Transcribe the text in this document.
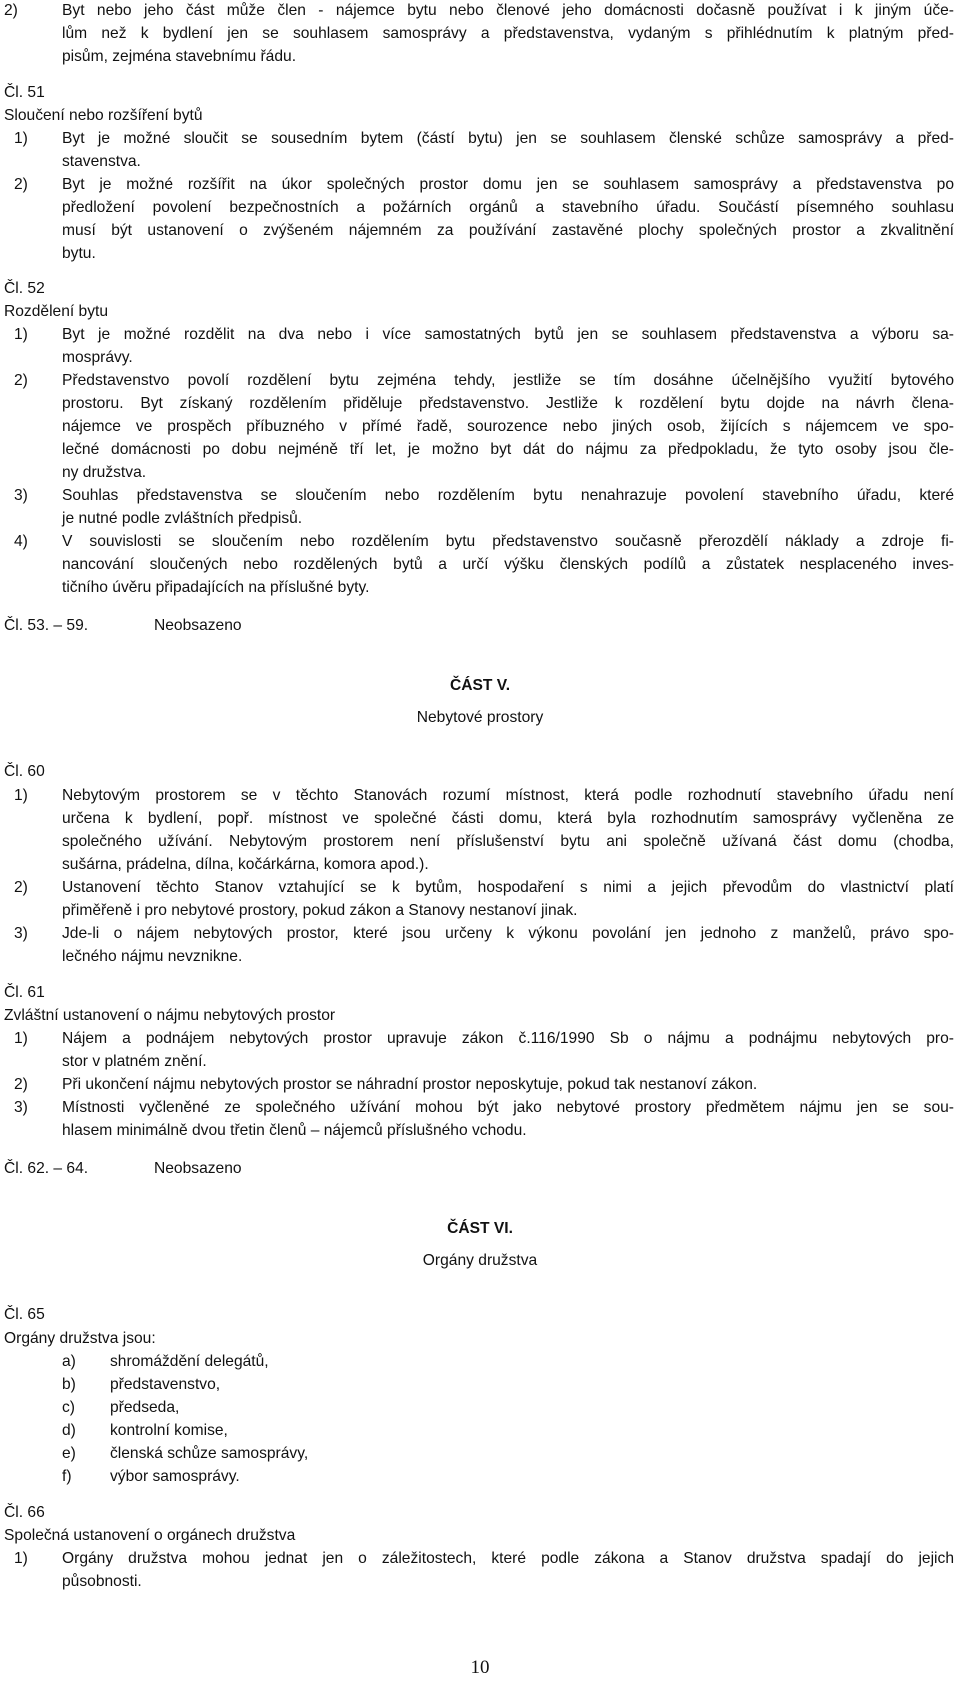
2)	Byt nebo jeho část může člen - nájemce bytu nebo členové jeho domácnosti dočasně používat i k jiným úče-
lům než k bydlení jen se souhlasem samosprávy a představenstva, vydaným s přihlédnutím k platným před-
pisům, zejména stavebnímu řádu.
Čl. 51
Sloučení nebo rozšíření bytů
1) Byt je možné sloučit se sousedním bytem (částí bytu) jen se souhlasem členské schůze samosprávy a před-
stavenstva.
2) Byt je možné rozšířit na úkor společných prostor domu jen se souhlasem samosprávy a představenstva po
předložení povolení bezpečnostních a požárních orgánů a stavebního úřadu. Součástí písemného souhlasu
musí být ustanovení o zvýšeném nájemném za používání zastavěné plochy společných prostor a zkvalitnění
bytu.
Čl. 52
Rozdělení bytu
1) Byt je možné rozdělit na dva nebo i více samostatných bytů jen se souhlasem představenstva a výboru sa-
mosprávy.
2) Představenstvo povolí rozdělení bytu zejména tehdy, jestliže se tím dosáhne účelnějšího využití bytového
prostoru. Byt získaný rozdělením přiděluje představenstvo. Jestliže k rozdělení bytu dojde na návrh člena-
nájemce ve prospěch příbuzného v přímé řadě, sourozence nebo jiných osob, žijících s nájemcem ve spo-
lečné domácnosti po dobu nejméně tří let, je možno byt dát do nájmu za předpokladu, že tyto osoby jsou čle-
ny družstva.
3) Souhlas představenstva se sloučením nebo rozdělením bytu nenahrazuje povolení stavebního úřadu, které
je nutné podle zvláštních předpisů.
4) V souvislosti se sloučením nebo rozdělením bytu představenstvo současně přerozdělí náklady a zdroje fi-
nancování sloučených nebo rozdělených bytů a určí výšku členských podílů a zůstatek nesplaceného inves-
tičního úvěru připadajících na příslušné byty.
Čl. 53. – 59.	Neobsazeno
ČÁST V.
Nebytové prostory
Čl. 60
1) Nebytovým prostorem se v těchto Stanovách rozumí místnost, která podle rozhodnutí stavebního úřadu není
určena k bydlení, popř. místnost ve společné části domu, která byla rozhodnutím samosprávy vyčleněna ze
společného užívání. Nebytovým prostorem není příslušenství bytu ani společně užívaná část domu (chodba,
sušárna, prádelna, dílna, kočárkárna, komora apod.).
2) Ustanovení těchto Stanov vztahující se k bytům, hospodaření s nimi a jejich převodům do vlastnictví platí
přiměřeně i pro nebytové prostory, pokud zákon a Stanovy nestanoví jinak.
3) Jde-li o nájem nebytových prostor, které jsou určeny k výkonu povolání jen jednoho z manželů, právo spo-
lečného nájmu nevznikne.
Čl. 61
Zvláštní ustanovení o nájmu nebytových prostor
1) Nájem a podnájem nebytových prostor upravuje zákon č.116/1990 Sb o nájmu a podnájmu nebytových pro-
stor v platném znění.
2) Při ukončení nájmu nebytových prostor se náhradní prostor neposkytuje, pokud tak nestanoví zákon.
3) Místnosti vyčleněné ze společného užívání mohou být jako nebytové prostory předmětem nájmu jen se sou-
hlasem minimálně dvou třetin členů – nájemců příslušného vchodu.
Čl. 62. – 64.	Neobsazeno
ČÁST VI.
Orgány družstva
Čl. 65
Orgány družstva jsou:
a) shromáždění delegátů,
b) představenstvo,
c) předseda,
d) kontrolní komise,
e) členská schůze samosprávy,
f) výbor samosprávy.
Čl. 66
Společná ustanovení o orgánech družstva
1) Orgány družstva mohou jednat jen o záležitostech, které podle zákona a Stanov družstva spadají do jejich
působnosti.
10
